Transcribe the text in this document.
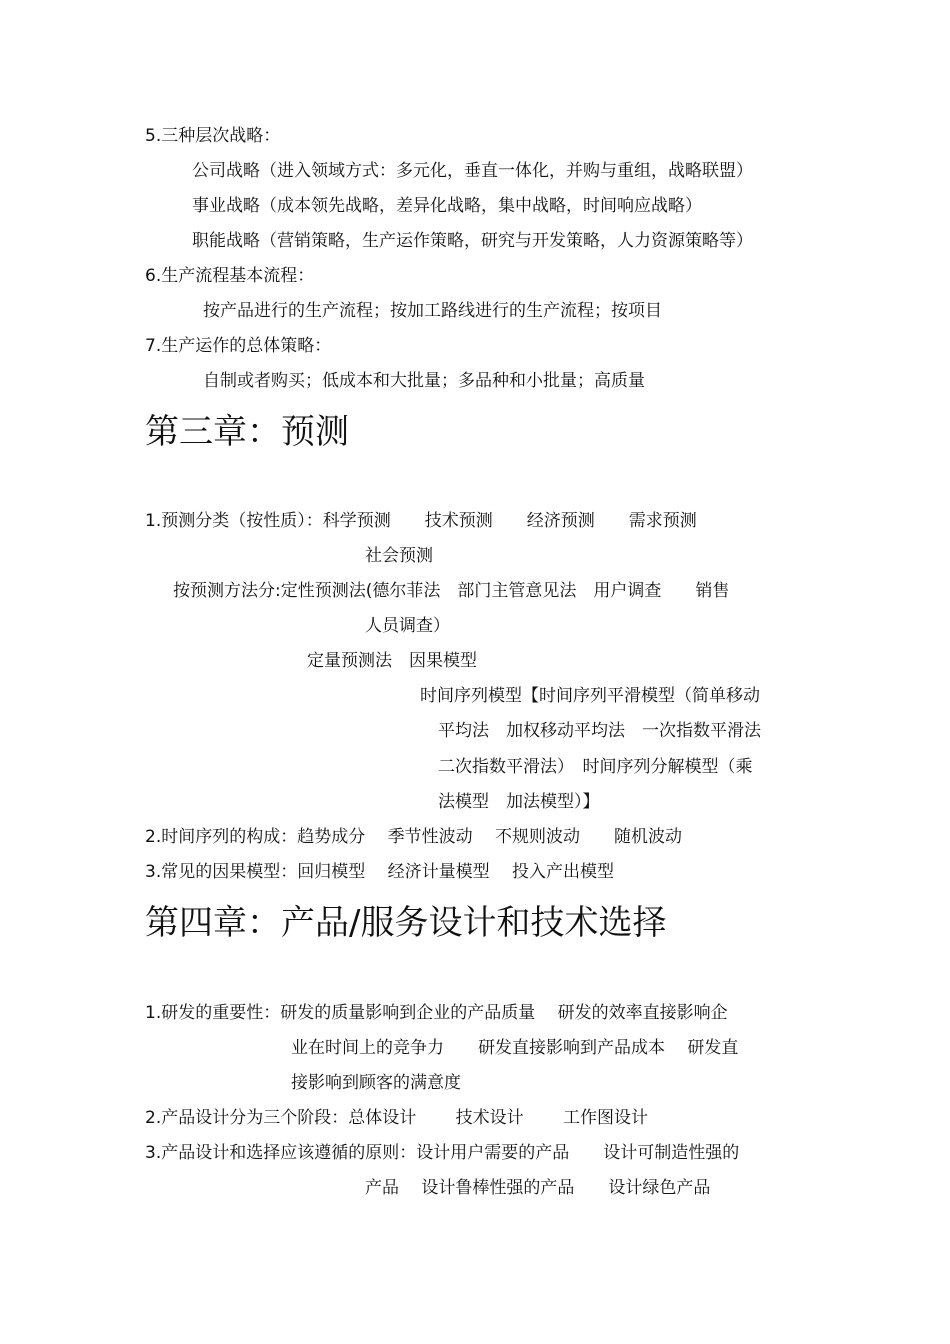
5.三种层次战略：
公司战略（进入领域方式：多元化，垂直一体化，并购与重组，战略联盟）
事业战略（成本领先战略，差异化战略，集中战略，时间响应战略）
职能战略（营销策略，生产运作策略，研究与开发策略，人力资源策略等）
6.生产流程基本流程：
按产品进行的生产流程；按加工路线进行的生产流程；按项目
7.生产运作的总体策略：
自制或者购买；低成本和大批量；多品种和小批量；高质量
第三章：预测
1.预测分类（按性质）：科学预测　　技术预测　　经济预测　　需求预测
社会预测
按预测方法分:定性预测法(德尔菲法　部门主管意见法　用户调查　　销售
人员调查）
定量预测法　因果模型
时间序列模型【时间序列平滑模型（简单移动
平均法　加权移动平均法　一次指数平滑法
二次指数平滑法）　时间序列分解模型（乘
法模型　加法模型）】
2.时间序列的构成：趋势成分　 季节性波动　 不规则波动　　随机波动
3.常见的因果模型：回归模型　 经济计量模型　 投入产出模型
第四章：产品/服务设计和技术选择
1.研发的重要性：研发的质量影响到企业的产品质量　 研发的效率直接影响企
业在时间上的竞争力　　研发直接影响到产品成本　 研发直
接影响到顾客的满意度
2.产品设计分为三个阶段：总体设计　　 技术设计　　 工作图设计
3.产品设计和选择应该遵循的原则：设计用户需要的产品　　设计可制造性强的
产品　 设计鲁棒性强的产品　　设计绿色产品
